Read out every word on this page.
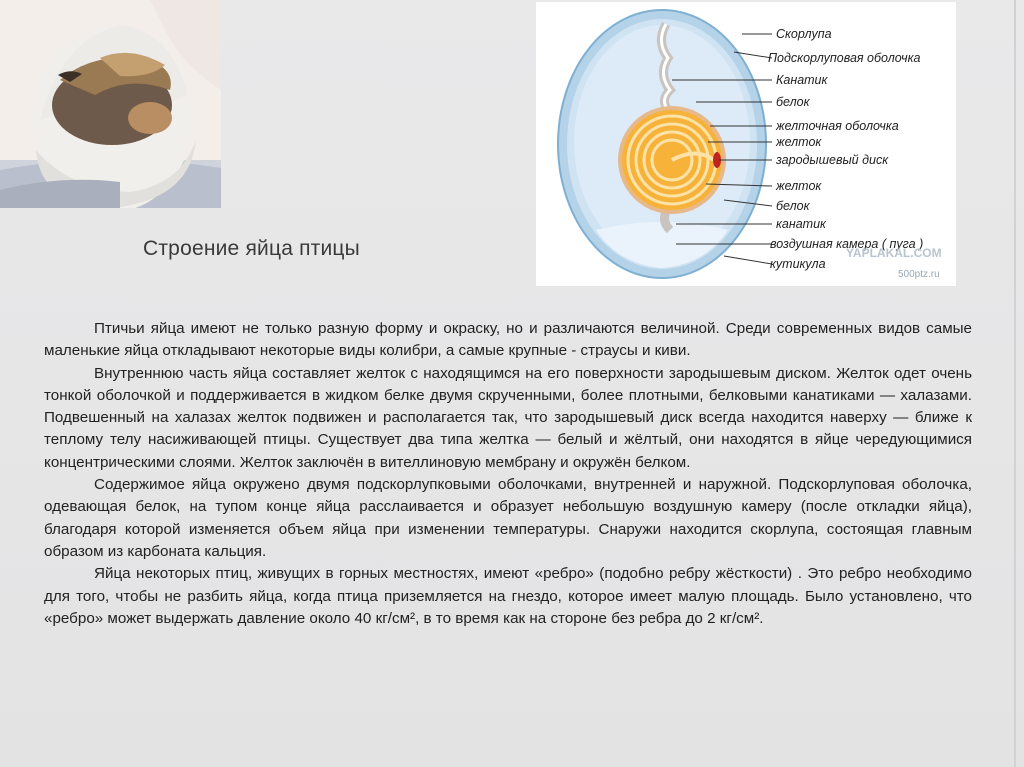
Скорлупа
Подскорлуповая оболочка
Канатик
белок
желточная оболочка
желток
зародышевый диск
желток
белок
канатик
воздушная камера ( пуга )
кутикула
YAPLAKAL.COM
500ptz.ru
Строение яйца птицы

Птичьи яйца имеют не только разную форму и окраску, но и различаются величиной. Среди современных видов самые маленькие яйца откладывают некоторые виды колибри, а самые крупные - страусы и киви.

Внутреннюю часть яйца составляет желток с находящимся на его поверхности зародышевым диском. Желток одет очень тонкой оболочкой и поддерживается в жидком белке двумя скрученными, более плотными, белковыми канатиками — халазами. Подвешенный на халазах желток подвижен и располагается так, что зародышевый диск всегда находится наверху — ближе к теплому телу насиживающей птицы. Существует два типа желтка — белый и жёлтый, они находятся в яйце чередующимися концентрическими слоями. Желток заключён в вителлиновую мембрану и окружён белком.

Содержимое яйца окружено двумя подскорлупковыми оболочками, внутренней и наружной. Подскорлуповая оболочка, одевающая белок, на тупом конце яйца расслаивается и образует небольшую воздушную камеру (после откладки яйца), благодаря которой изменяется объем яйца при изменении температуры. Снаружи находится скорлупа, состоящая главным образом из карбоната кальция.

Яйца некоторых птиц, живущих в горных местностях, имеют «ребро» (подобно ребру жёсткости) . Это ребро необходимо для того, чтобы не разбить яйца, когда птица приземляется на гнездо, которое имеет малую площадь. Было установлено, что «ребро» может выдержать давление около 40 кг/см², в то время как на стороне без ребра до 2 кг/см².
